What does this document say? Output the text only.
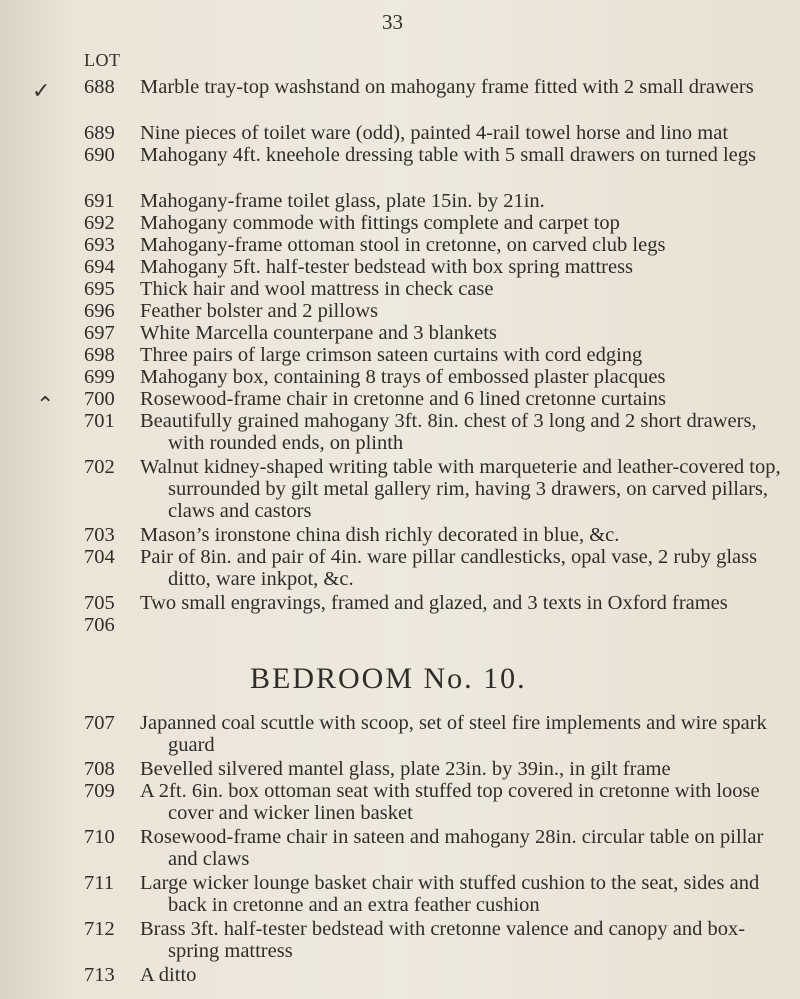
33
LOT
✓
⌃
688	Marble tray-top washstand on mahogany frame fitted with 2 small drawers
689	Nine pieces of toilet ware (odd), painted 4-rail towel horse and lino mat
690	Mahogany 4ft. kneehole dressing table with 5 small drawers on turned legs
691	Mahogany-frame toilet glass, plate 15in. by 21in.
692	Mahogany commode with fittings complete and carpet top
693	Mahogany-frame ottoman stool in cretonne, on carved club legs
694	Mahogany 5ft. half-tester bedstead with box spring mattress
695	Thick hair and wool mattress in check case
696	Feather bolster and 2 pillows
697	White Marcella counterpane and 3 blankets
698	Three pairs of large crimson sateen curtains with cord edging
699	Mahogany box, containing 8 trays of embossed plaster placques
700	Rosewood-frame chair in cretonne and 6 lined cretonne curtains
701	Beautifully grained mahogany 3ft. 8in. chest of 3 long and 2 short drawers, with rounded ends, on plinth
702	Walnut kidney-shaped writing table with marqueterie and leather-covered top, surrounded by gilt metal gallery rim, having 3 drawers, on carved pillars, claws and castors
703	Mason’s ironstone china dish richly decorated in blue, &c.
704	Pair of 8in. and pair of 4in. ware pillar candlesticks, opal vase, 2 ruby glass ditto, ware inkpot, &c.
705	Two small engravings, framed and glazed, and 3 texts in Oxford frames
706
BEDROOM No. 10.
707	Japanned coal scuttle with scoop, set of steel fire implements and wire spark guard
708	Bevelled silvered mantel glass, plate 23in. by 39in., in gilt frame
709	A 2ft. 6in. box ottoman seat with stuffed top covered in cretonne with loose cover and wicker linen basket
710	Rosewood-frame chair in sateen and mahogany 28in. circular table on pillar and claws
711	Large wicker lounge basket chair with stuffed cushion to the seat, sides and back in cretonne and an extra feather cushion
712	Brass 3ft. half-tester bedstead with cretonne valence and canopy and box-spring mattress
713	A ditto
